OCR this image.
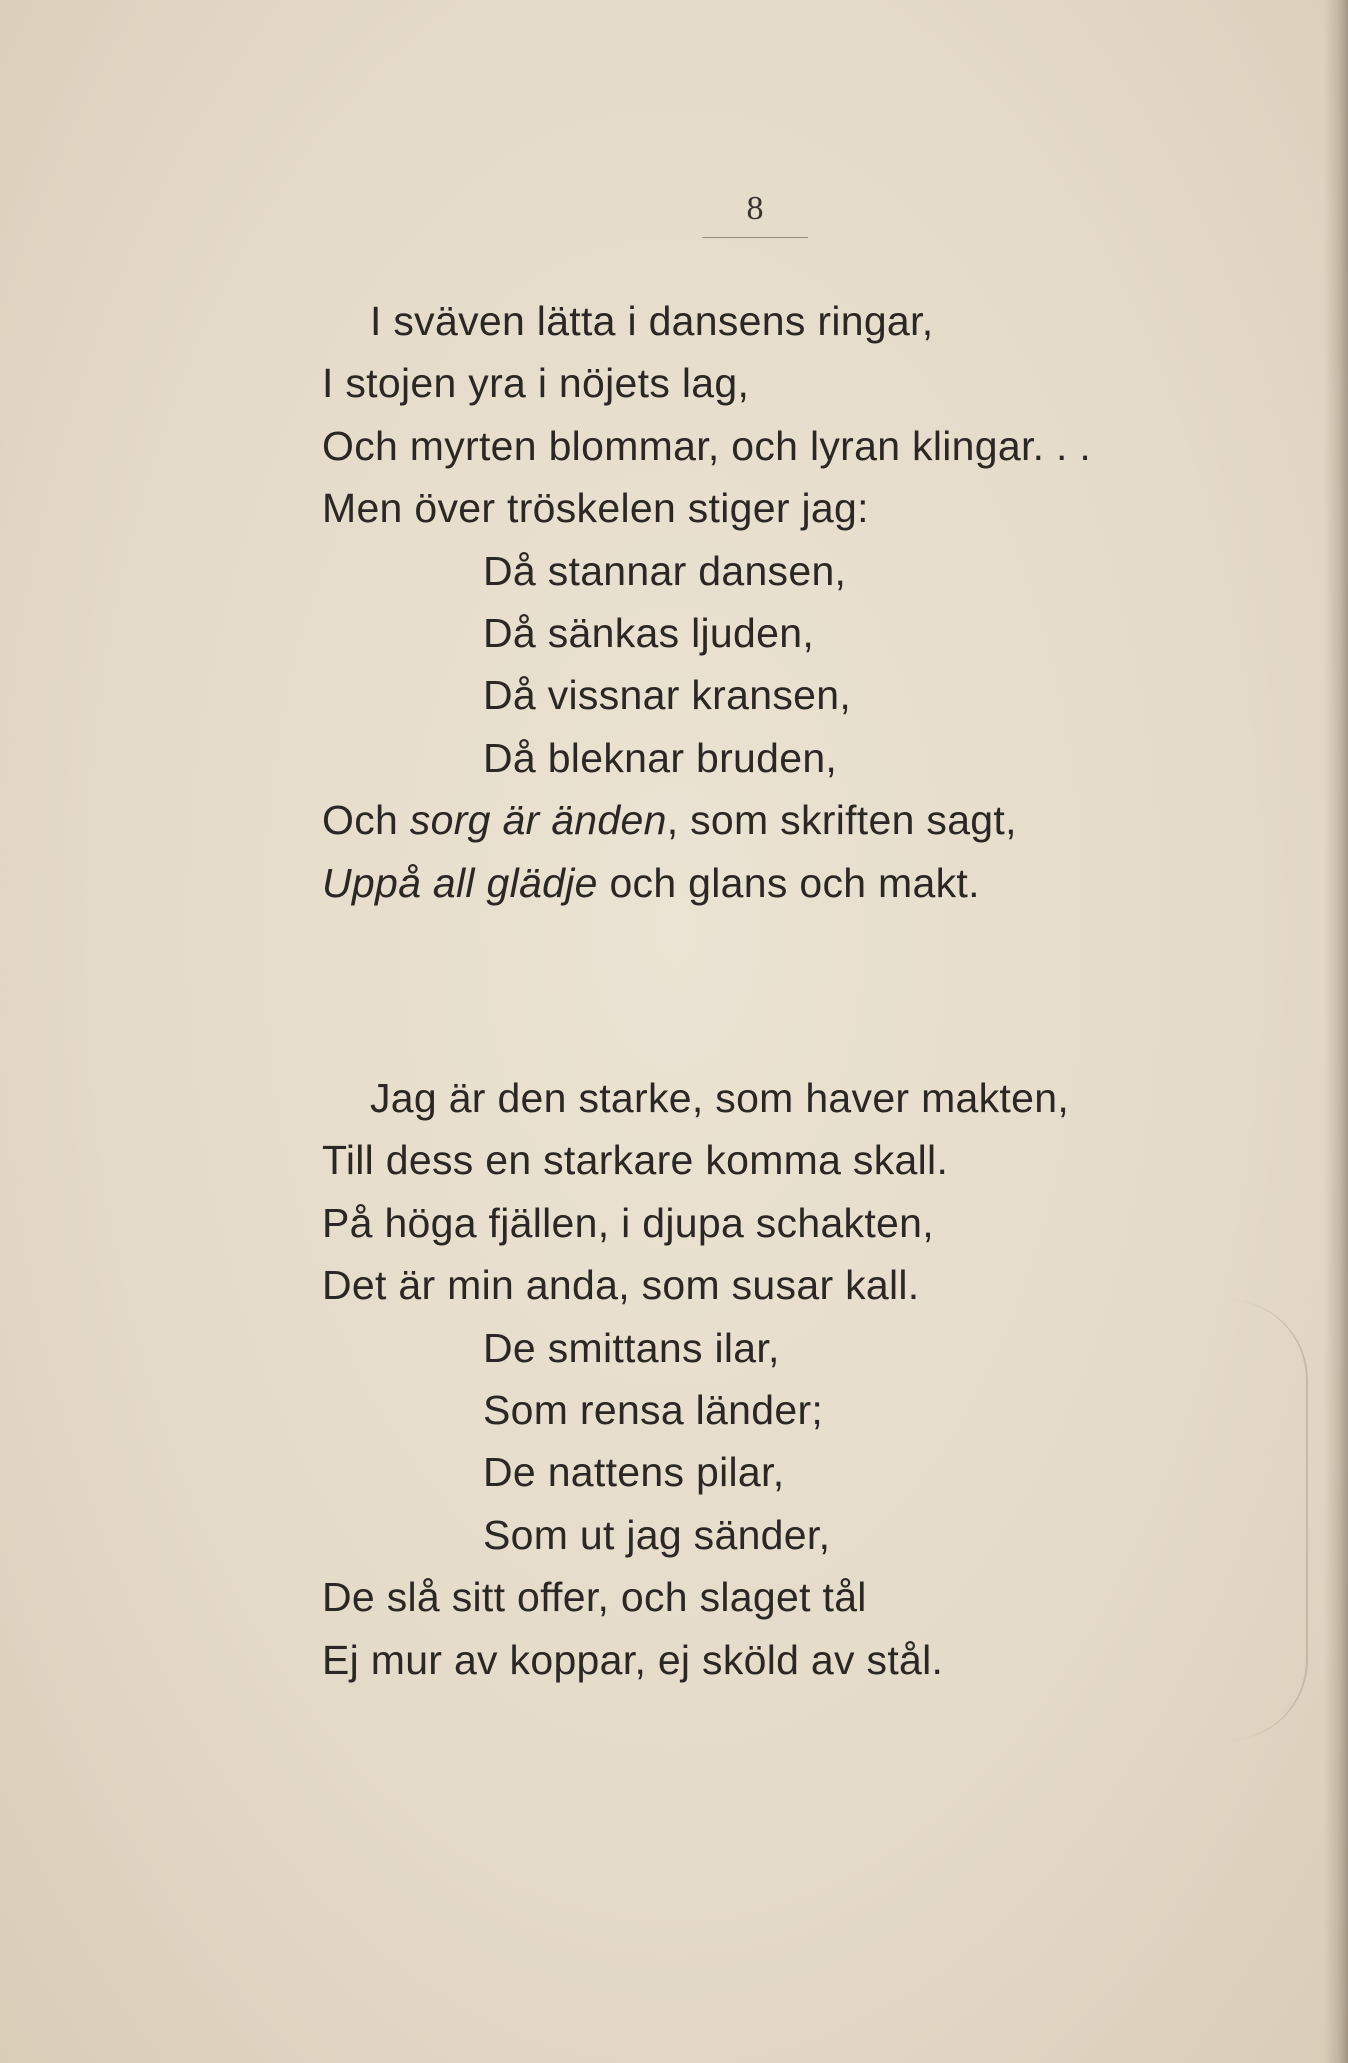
8
I sväven lätta i dansens ringar,
I stojen yra i nöjets lag,
Och myrten blommar, och lyran klingar. . .
Men över tröskelen stiger jag:
Då stannar dansen,
Då sänkas ljuden,
Då vissnar kransen,
Då bleknar bruden,
Och sorg är änden, som skriften sagt,
Uppå all glädje och glans och makt.
Jag är den starke, som haver makten,
Till dess en starkare komma skall.
På höga fjällen, i djupa schakten,
Det är min anda, som susar kall.
De smittans ilar,
Som rensa länder;
De nattens pilar,
Som ut jag sänder,
De slå sitt offer, och slaget tål
Ej mur av koppar, ej sköld av stål.
